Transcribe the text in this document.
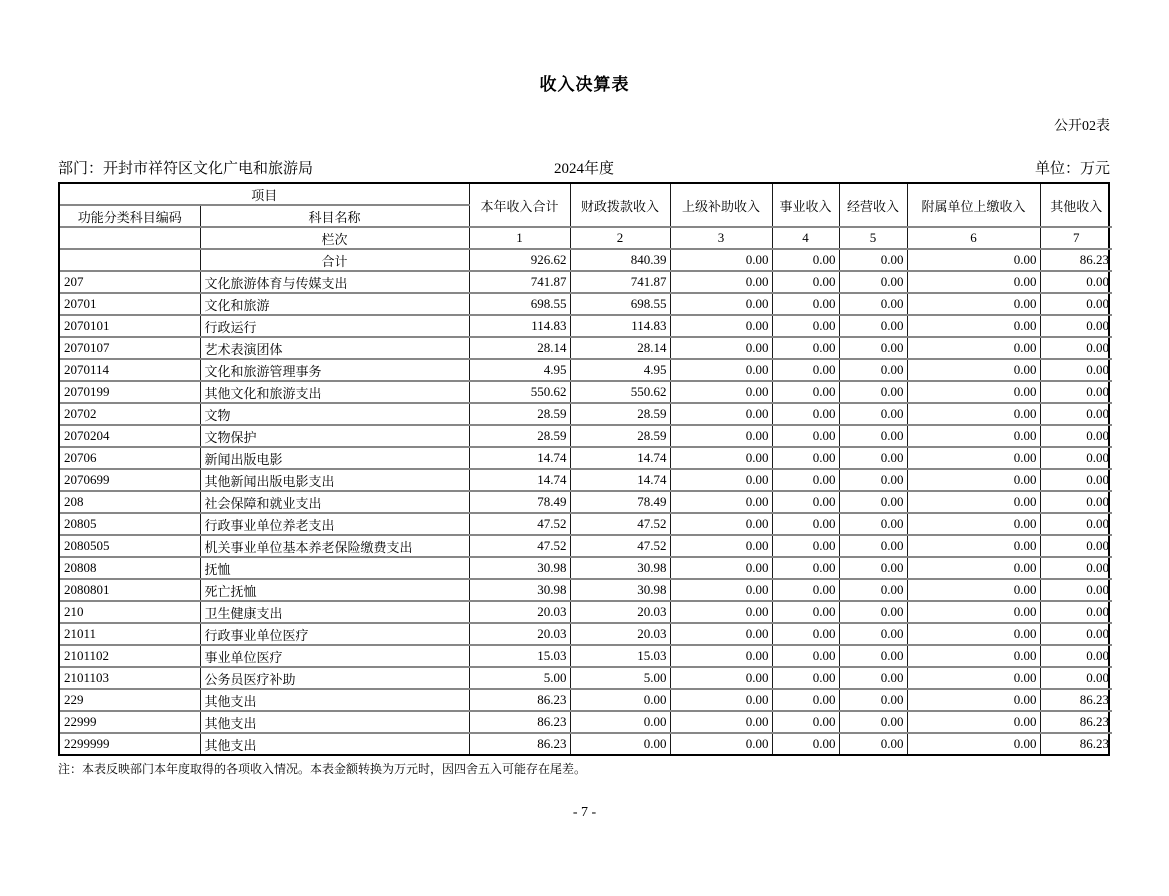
收入决算表
公开02表
部门：开封市祥符区文化广电和旅游局	2024年度	单位：万元
项目		本年收入合计	财政拨款收入	上级补助收入	事业收入	经营收入	附属单位上缴收入	其他收入
功能分类科目编码	科目名称							
	栏次	1	2	3	4	5	6	7
	合计	926.62	840.39	0.00	0.00	0.00	0.00	86.23
207	文化旅游体育与传媒支出	741.87	741.87	0.00	0.00	0.00	0.00	0.00
20701	文化和旅游	698.55	698.55	0.00	0.00	0.00	0.00	0.00
2070101	行政运行	114.83	114.83	0.00	0.00	0.00	0.00	0.00
2070107	艺术表演团体	28.14	28.14	0.00	0.00	0.00	0.00	0.00
2070114	文化和旅游管理事务	4.95	4.95	0.00	0.00	0.00	0.00	0.00
2070199	其他文化和旅游支出	550.62	550.62	0.00	0.00	0.00	0.00	0.00
20702	文物	28.59	28.59	0.00	0.00	0.00	0.00	0.00
2070204	文物保护	28.59	28.59	0.00	0.00	0.00	0.00	0.00
20706	新闻出版电影	14.74	14.74	0.00	0.00	0.00	0.00	0.00
2070699	其他新闻出版电影支出	14.74	14.74	0.00	0.00	0.00	0.00	0.00
208	社会保障和就业支出	78.49	78.49	0.00	0.00	0.00	0.00	0.00
20805	行政事业单位养老支出	47.52	47.52	0.00	0.00	0.00	0.00	0.00
2080505	机关事业单位基本养老保险缴费支出	47.52	47.52	0.00	0.00	0.00	0.00	0.00
20808	抚恤	30.98	30.98	0.00	0.00	0.00	0.00	0.00
2080801	死亡抚恤	30.98	30.98	0.00	0.00	0.00	0.00	0.00
210	卫生健康支出	20.03	20.03	0.00	0.00	0.00	0.00	0.00
21011	行政事业单位医疗	20.03	20.03	0.00	0.00	0.00	0.00	0.00
2101102	事业单位医疗	15.03	15.03	0.00	0.00	0.00	0.00	0.00
2101103	公务员医疗补助	5.00	5.00	0.00	0.00	0.00	0.00	0.00
229	其他支出	86.23	0.00	0.00	0.00	0.00	0.00	86.23
22999	其他支出	86.23	0.00	0.00	0.00	0.00	0.00	86.23
2299999	其他支出	86.23	0.00	0.00	0.00	0.00	0.00	86.23
注：本表反映部门本年度取得的各项收入情况。本表金额转换为万元时，因四舍五入可能存在尾差。
- 7 -
